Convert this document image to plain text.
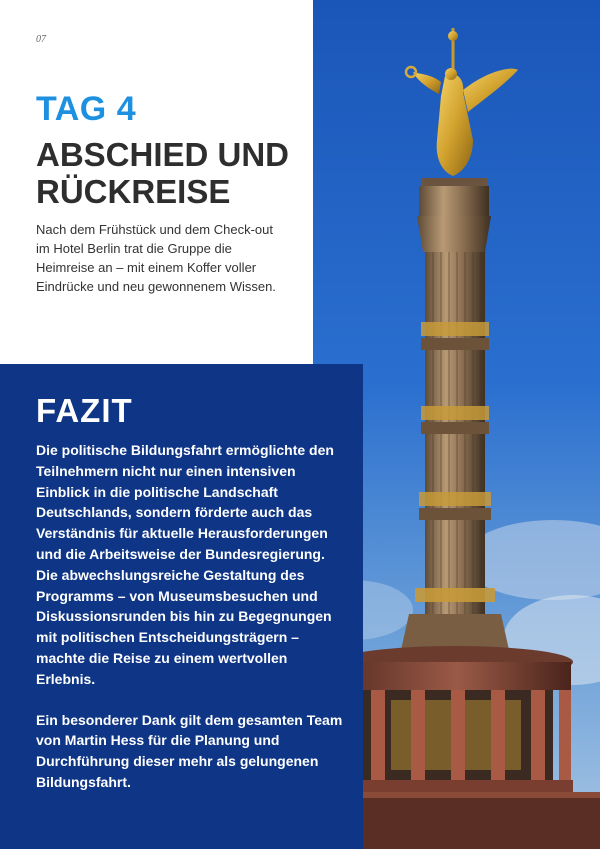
07
TAG 4
ABSCHIED UND RÜCKREISE
Nach dem Frühstück und dem Check-out im Hotel Berlin trat die Gruppe die Heimreise an – mit einem Koffer voller Eindrücke und neu gewonnenem Wissen.
FAZIT

Die politische Bildungsfahrt ermöglichte den Teilnehmern nicht nur einen intensiven Einblick in die politische Landschaft Deutschlands, sondern förderte auch das Verständnis für aktuelle Herausforderungen und die Arbeitsweise der Bundesregierung. Die abwechslungsreiche Gestaltung des Programms – von Museumsbesuchen und Diskussionsrunden bis hin zu Begegnungen mit politischen Entscheidungsträgern – machte die Reise zu einem wertvollen Erlebnis.

Ein besonderer Dank gilt dem gesamten Team von Martin Hess für die Planung und Durchführung dieser mehr als gelungenen Bildungsfahrt.
